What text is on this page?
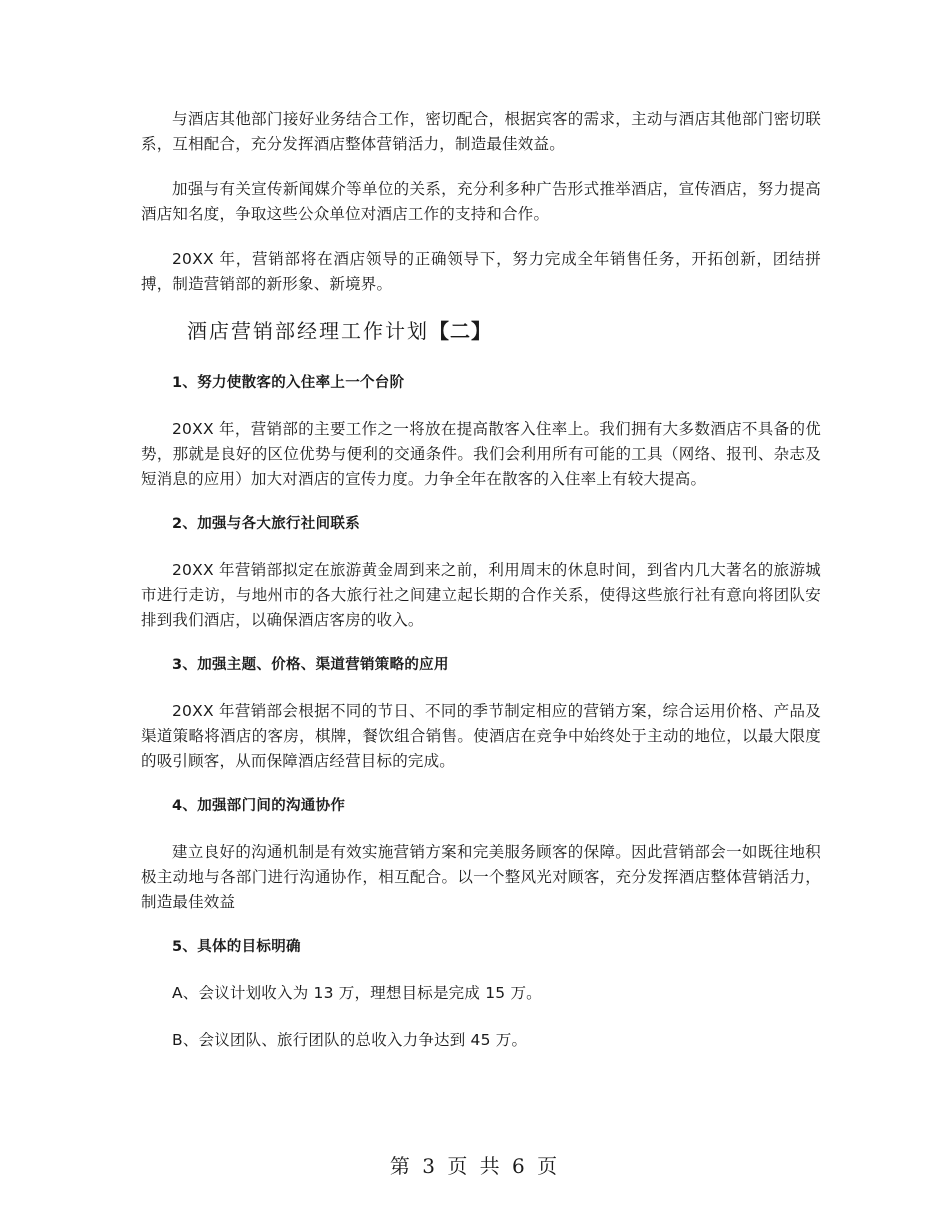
与酒店其他部门接好业务结合工作，密切配合，根据宾客的需求，主动与酒店其他部门密切联系，互相配合，充分发挥酒店整体营销活力，制造最佳效益。

加强与有关宣传新闻媒介等单位的关系，充分利多种广告形式推举酒店，宣传酒店，努力提高酒店知名度，争取这些公众单位对酒店工作的支持和合作。

20XX 年，营销部将在酒店领导的正确领导下，努力完成全年销售任务，开拓创新，团结拼搏，制造营销部的新形象、新境界。

酒店营销部经理工作计划【二】
1、努力使散客的入住率上一个台阶

20XX 年，营销部的主要工作之一将放在提高散客入住率上。我们拥有大多数酒店不具备的优势，那就是良好的区位优势与便利的交通条件。我们会利用所有可能的工具（网络、报刊、杂志及短消息的应用）加大对酒店的宣传力度。力争全年在散客的入住率上有较大提高。

2、加强与各大旅行社间联系

20XX 年营销部拟定在旅游黄金周到来之前，利用周末的休息时间，到省内几大著名的旅游城市进行走访，与地州市的各大旅行社之间建立起长期的合作关系，使得这些旅行社有意向将团队安排到我们酒店，以确保酒店客房的收入。

3、加强主题、价格、渠道营销策略的应用

20XX 年营销部会根据不同的节日、不同的季节制定相应的营销方案，综合运用价格、产品及渠道策略将酒店的客房，棋牌，餐饮组合销售。使酒店在竞争中始终处于主动的地位，以最大限度的吸引顾客，从而保障酒店经营目标的完成。

4、加强部门间的沟通协作

建立良好的沟通机制是有效实施营销方案和完美服务顾客的保障。因此营销部会一如既往地积极主动地与各部门进行沟通协作，相互配合。以一个整风光对顾客，充分发挥酒店整体营销活力，制造最佳效益

5、具体的目标明确
A、会议计划收入为 13 万，理想目标是完成 15 万。
B、会议团队、旅行团队的总收入力争达到 45 万。
第 3 页 共 6 页
